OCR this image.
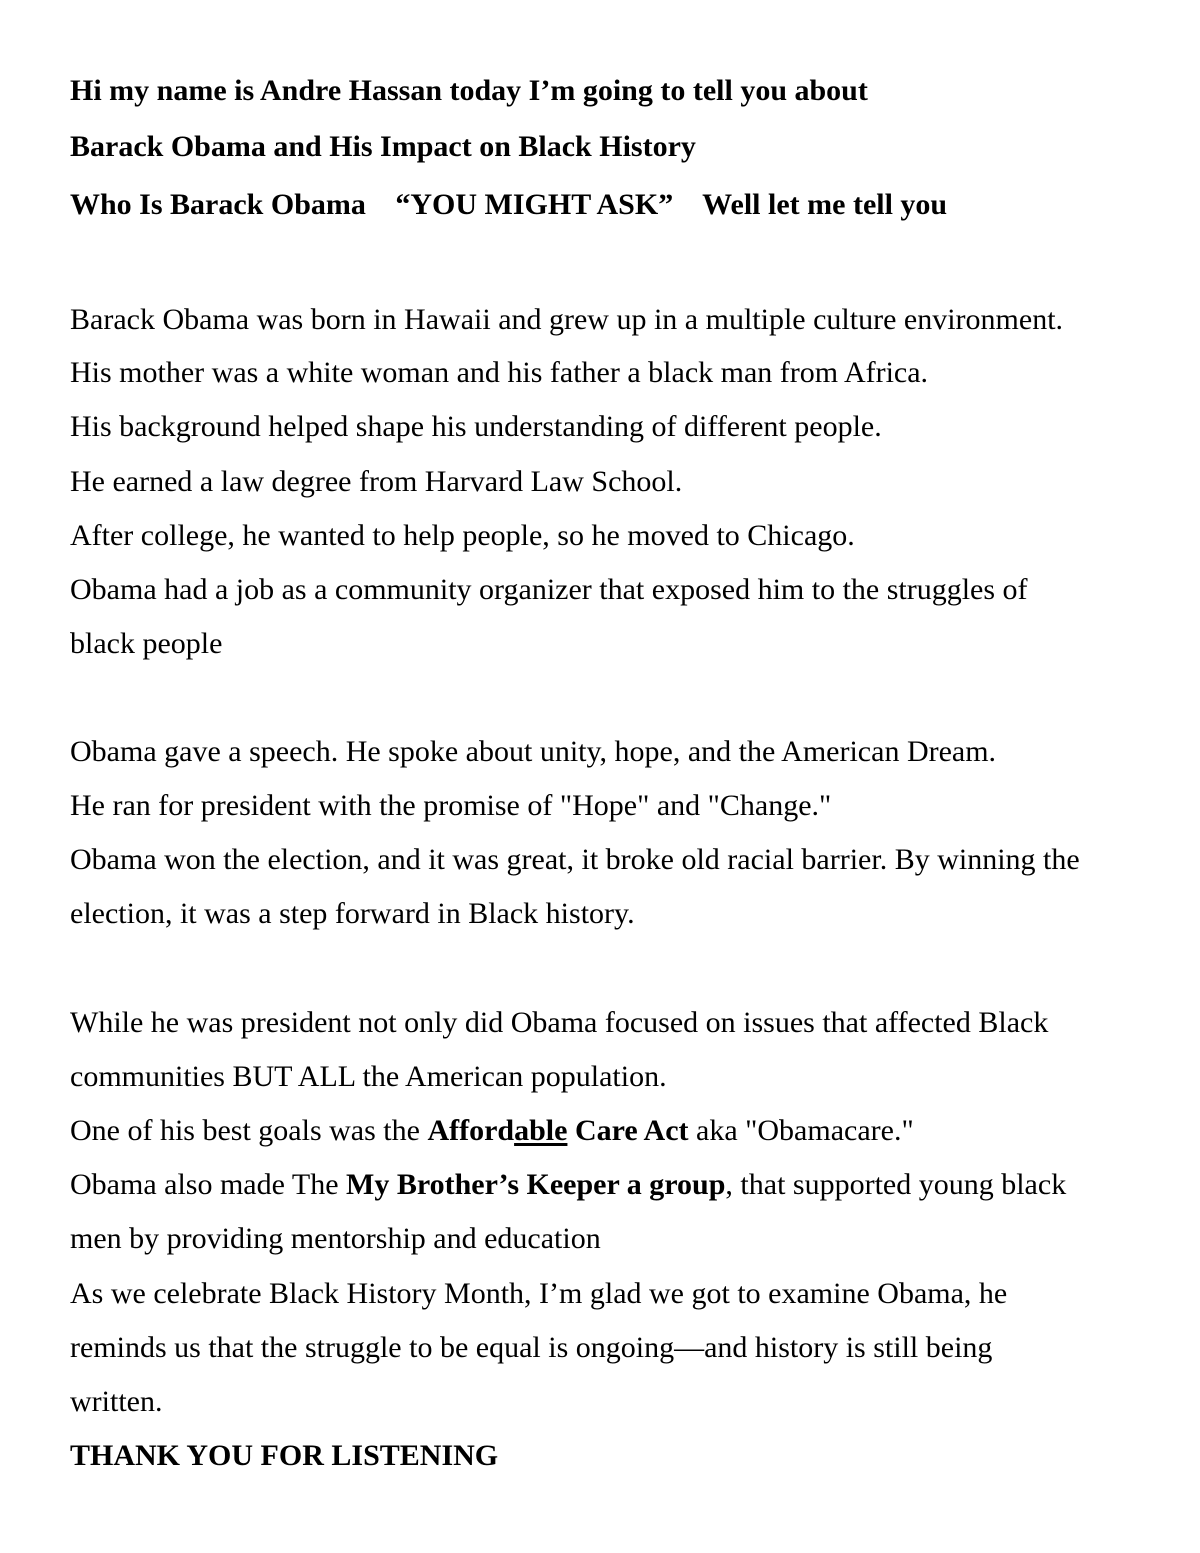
Hi my name is Andre Hassan today I’m going to tell you about
Barack Obama and His Impact on Black History
Who Is Barack Obama “YOU MIGHT ASK” Well let me tell you
Barack Obama was born in Hawaii and grew up in a multiple culture environment.
His mother was a white woman and his father a black man from Africa.
His background helped shape his understanding of different people.
He earned a law degree from Harvard Law School.
After college, he wanted to help people, so he moved to Chicago.
Obama had a job as a community organizer that exposed him to the struggles of
black people
Obama gave a speech. He spoke about unity, hope, and the American Dream.
He ran for president with the promise of "Hope" and "Change."
Obama won the election, and it was great, it broke old racial barrier. By winning the
election, it was a step forward in Black history.
While he was president not only did Obama focused on issues that affected Black
communities BUT ALL the American population.
One of his best goals was the Affordable Care Act aka "Obamacare."
Obama also made The My Brother’s Keeper a group, that supported young black
men by providing mentorship and education
As we celebrate Black History Month, I’m glad we got to examine Obama, he
reminds us that the struggle to be equal is ongoing—and history is still being
written.
THANK YOU FOR LISTENING
